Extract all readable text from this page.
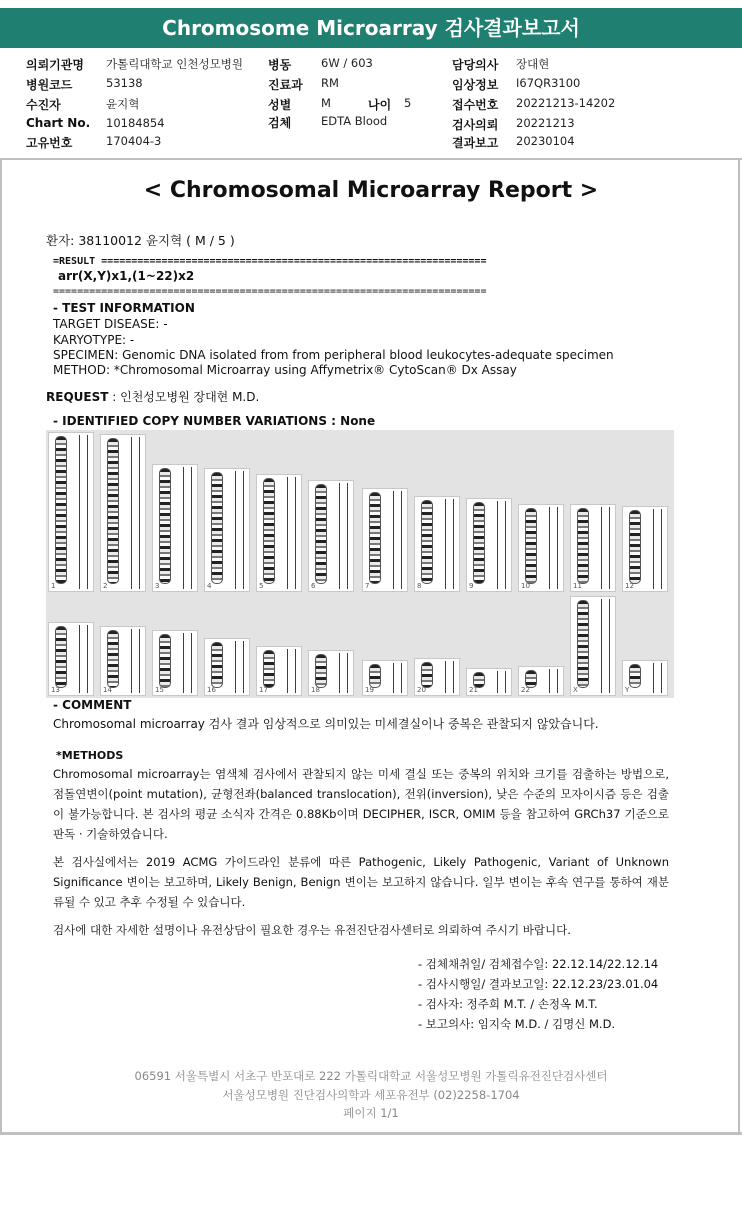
Chromosome Microarray 검사결과보고서
의뢰기관명 가톨릭대학교 인천성모병원
병원코드	53138
수진자	윤지혁
Chart No. 10184854
고유번호	170404-3
병동	6W / 603
진료과 RM
성별	M	나이 5
검체	EDTA Blood
담당의사 장대현
임상정보 I67QR3100
접수번호 20221213-14202
검사의뢰 20221213
결과보고 20230104
< Chromosomal Microarray Report >
환자: 38110012 윤지혁 ( M / 5 )
=RESULT ================================================================
arr(X,Y)x1,(1~22)x2
========================================================================
- TEST INFORMATION
TARGET DISEASE: -
KARYOTYPE: -
SPECIMEN: Genomic DNA isolated from from peripheral blood leukocytes-adequate specimen
METHOD: *Chromosomal Microarray using Affymetrix® CytoScan® Dx Assay
REQUEST : 인천성모병원 장대현 M.D.
- IDENTIFIED COPY NUMBER VARIATIONS : None
1	2	3	4	5	6	7	8	9	10	11	12
13	14	15	16	17	18	19	20	21	22	X	Y
- COMMENT
Chromosomal microarray 검사 결과 임상적으로 의미있는 미세결실이나 중복은 관찰되지 않았습니다.
*METHODS

Chromosomal microarray는 염색체 검사에서 관찰되지 않는 미세 결실 또는 중복의 위치와 크기를 검출하는 방법으로, 점돌연변이(point mutation), 균형전좌(balanced translocation), 전위(inversion), 낮은 수준의 모자이시즘 등은 검출이 불가능합니다. 본 검사의 평균 소식자 간격은 0.88Kb이며 DECIPHER, ISCR, OMIM 등을 참고하여 GRCh37 기준으로 판독 · 기술하였습니다.

본 검사실에서는 2019 ACMG 가이드라인 분류에 따른 Pathogenic, Likely Pathogenic, Variant of Unknown Significance 변이는 보고하며, Likely Benign, Benign 변이는 보고하지 않습니다. 일부 변이는 후속 연구를 통하여 재분류될 수 있고 추후 수정될 수 있습니다.

검사에 대한 자세한 설명이나 유전상담이 필요한 경우는 유전진단검사센터로 의뢰하여 주시기 바랍니다.

- 검체채취일/ 검체접수일: 22.12.14/22.12.14
- 검사시행일/ 결과보고일: 22.12.23/23.01.04
- 검사자: 정주희 M.T. / 손정옥 M.T.
- 보고의사: 임지숙 M.D. / 김명신 M.D.
06591 서울특별시 서초구 반포대로 222 가톨릭대학교 서울성모병원 가톨릭유전진단검사센터
서울성모병원 진단검사의학과 세포유전부 (02)2258-1704
페이지 1/1
